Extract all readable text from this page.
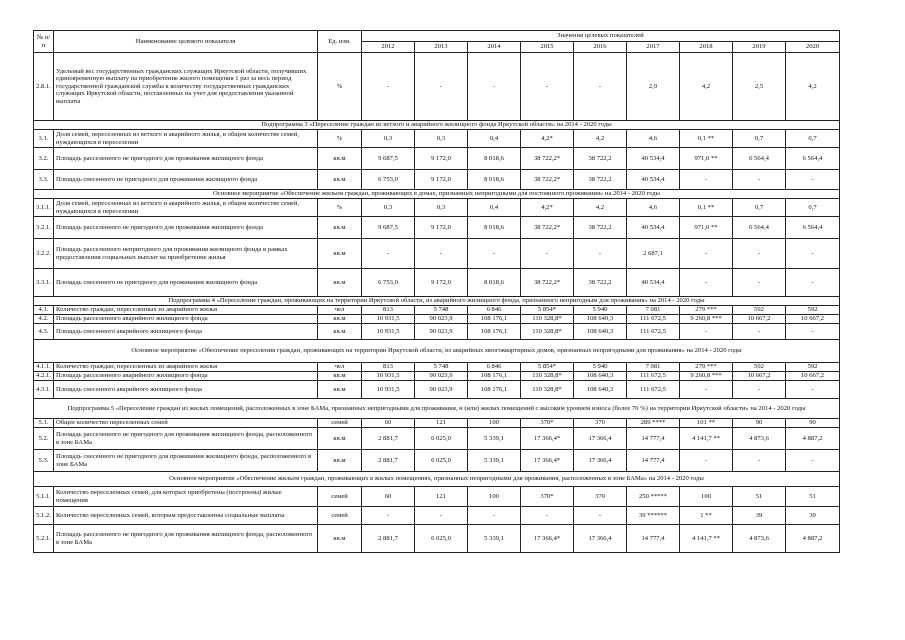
№ п/п	Наименование целевого показателя	Ед. изм.	Значения целевых показателей								
			2012	2013	2014	2015	2016	2017	2018	2019	2020
2.8.1.	Удельный вес государственных гражданских служащих Иркутской области, получивших единовременную выплату на приобретение жилого помещения 1 раз за весь период государственной гражданской службы к количеству государственных гражданских служащих Иркутской области, поставленных на учет для предоставления указанной выплаты	%	-	-	-	-	-	2,9	4,2	2,5	4,2
Подпрограмма 3 «Переселение граждан из ветхого и аварийного жилищного фонда Иркутской области» на 2014 - 2020 годы											
3.1.	Доля семей, переселенных из ветхого и аварийного жилья, в общем количестве семей, нуждающихся в переселении	%	0,3	0,3	0,4	4,2*	4,2	4,6	0,1 **	0,7	0,7
3.2.	Площадь расселенного не пригодного для проживания жилищного фонда	кв.м	9 687,5	9 172,0	8 018,6	38 722,2*	38 722,2	40 534,4	971,0 **	6 564,4	6 564,4
3.3.	Площадь снесенного не пригодного для проживания жилищного фонда	кв.м	6 753,0	9 172,0	8 018,6	38 722,2*	38 722,2	40 534,4	-	-	-
Основное мероприятие «Обеспечение жильем граждан, проживающих в домах, признанных непригодными для постоянного проживания» на 2014 - 2020 годы											
3.1.1.	Доля семей, переселенных из ветхого и аварийного жилья, в общем количестве семей, нуждающихся в переселении	%	0,3	0,3	0,4	4,2*	4,2	4,6	0,1 **	0,7	0,7
3.2.1.	Площадь расселенного не пригодного для проживания жилищного фонда	кв.м	9 687,5	9 172,0	8 018,6	38 722,2*	38 722,2	40 534,4	971,0 **	6 564,4	6 564,4
3.2.2.	Площадь расселенного непригодного для проживания жилищного фонда в рамках предоставления социальных выплат на приобретение жилья	кв.м	-	-	-	-	-	2 687,1	-	-	-
3.3.1.	Площадь снесенного не пригодного для проживания жилищного фонда	кв.м	6 753,0	9 172,0	8 018,6	38 722,2*	38 722,2	40 534,4	-	-	-
Подпрограмма 4 «Переселение граждан, проживающих на территории Иркутской области, из аварийного жилищного фонда, признанного непригодным для проживания» на 2014 - 2020 годы											
4.1.	Количество граждан, переселенных из аварийного жилья	чел	813	5 748	6 846	5 854*	5 940	7 081	279 ***	592	592
4.2.	Площадь расселенного аварийного жилищного фонда	кв.м	10 931,5	90 023,9	108 176,1	110 328,8*	108 640,3	111 672,5	9 260,8 ***	10 667,2	10 667,2
4.3.	Площадь снесенного аварийного жилищного фонда	кв.м	10 931,5	90 023,9	108 176,1	110 328,8*	108 640,3	111 672,5	-	-	-
Основное мероприятие «Обеспечение переселения граждан, проживающих на территории Иркутской области, из аварийных многоквартирных домов, признанных непригодными для проживания» на 2014 - 2020 годы											
4.1.1.	Количество граждан, переселенных из аварийного жилья	чел	813	5 748	6 846	5 854*	5 940	7 081	279 ***	592	592
4.2.1.	Площадь расселенного аварийного жилищного фонда	кв.м	10 931,5	90 023,9	108 176,1	110 328,8*	108 640,3	111 672,5	9 260,8 ***	10 667,2	10 667,2
4.3.1.	Площадь снесенного аварийного жилищного фонда	кв.м	10 931,5	90 023,9	108 176,1	110 328,8*	108 640,3	111 672,5	-	-	-
Подпрограмма 5 «Переселение граждан из жилых помещений, расположенных в зоне БАМа, признанных непригодными для проживания, и (или) жилых помещений с высоким уровнем износа (более 70 %) на территории Иркутской области» на 2014 - 2020 годы											
5.1.	Общее количество переселенных семей	семей	60	121	100	370*	370	289 ****	101 **	90	90
5.2.	Площадь расселенного не пригодного для проживания жилищного фонда, расположенного в зоне БАМа	кв.м	2 881,7	6 025,0	5 339,1	17 366,4*	17 366,4	14 777,4	4 141,7 **	4 873,6	4 887,2
5.3.	Площадь снесенного не пригодного для проживания жилищного фонда, расположенного в зоне БАМа	кв.м	2 881,7	6 025,0	5 339,1	17 366,4*	17 366,4	14 777,4	-	-	-
Основное мероприятие «Обеспечение жильем граждан, проживающих в жилых помещениях, признанных непригодными для проживания, расположенных в зоне БАМа» на 2014 - 2020 годы											
5.1.1.	Количество переселенных семей, для которых приобретены (построены) жилые помещения	семей	60	121	100	370*	370	250 *****	100	51	51
5.1.2.	Количество переселенных семей, которым предоставленны социальные выплаты	семей	-	-	-	-	-	39 ******	1 **	39	39
5.2.1.	Площадь расселенного не пригодного для проживания жилищного фонда, расположенного в зоне БАМа	кв.м	2 881,7	6 025,0	5 339,1	17 366,4*	17 366,4	14 777,4	4 141,7 **	4 873,6	4 887,2
